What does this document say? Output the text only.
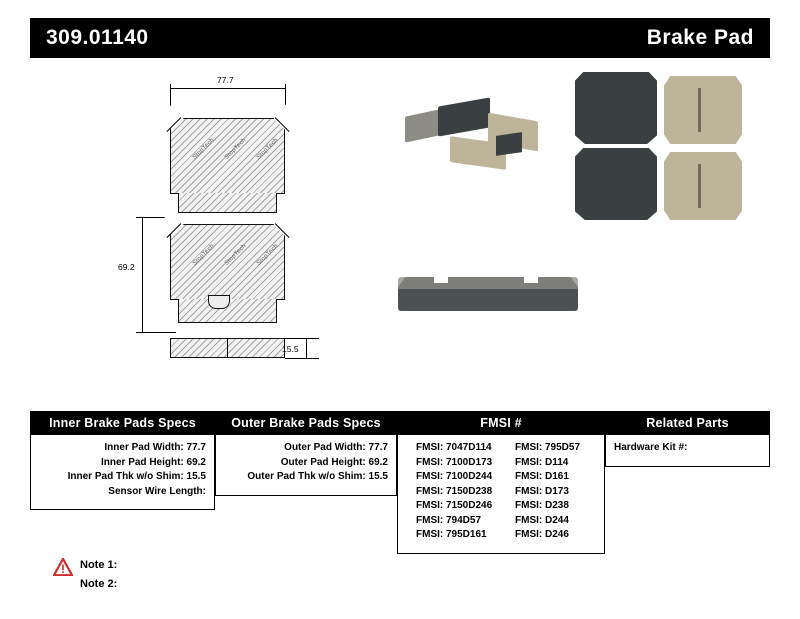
309.01140	Brake Pad
77.7
StopTech StopTech StopTech
69.2
StopTech StopTech StopTech
15.5
Inner Brake Pads Specs
Inner Pad Width: 77.7
Inner Pad Height: 69.2
Inner Pad Thk w/o Shim: 15.5
Sensor Wire Length:
Outer Brake Pads Specs
Outer Pad Width: 77.7
Outer Pad Height: 69.2
Outer Pad Thk w/o Shim: 15.5
FMSI #
FMSI: 7047D114
FMSI: 7100D173
FMSI: 7100D244
FMSI: 7150D238
FMSI: 7150D246
FMSI: 794D57
FMSI: 795D161
FMSI: 795D57
FMSI: D114
FMSI: D161
FMSI: D173
FMSI: D238
FMSI: D244
FMSI: D246
Related Parts
Hardware Kit #:
Note 1:
Note 2:
